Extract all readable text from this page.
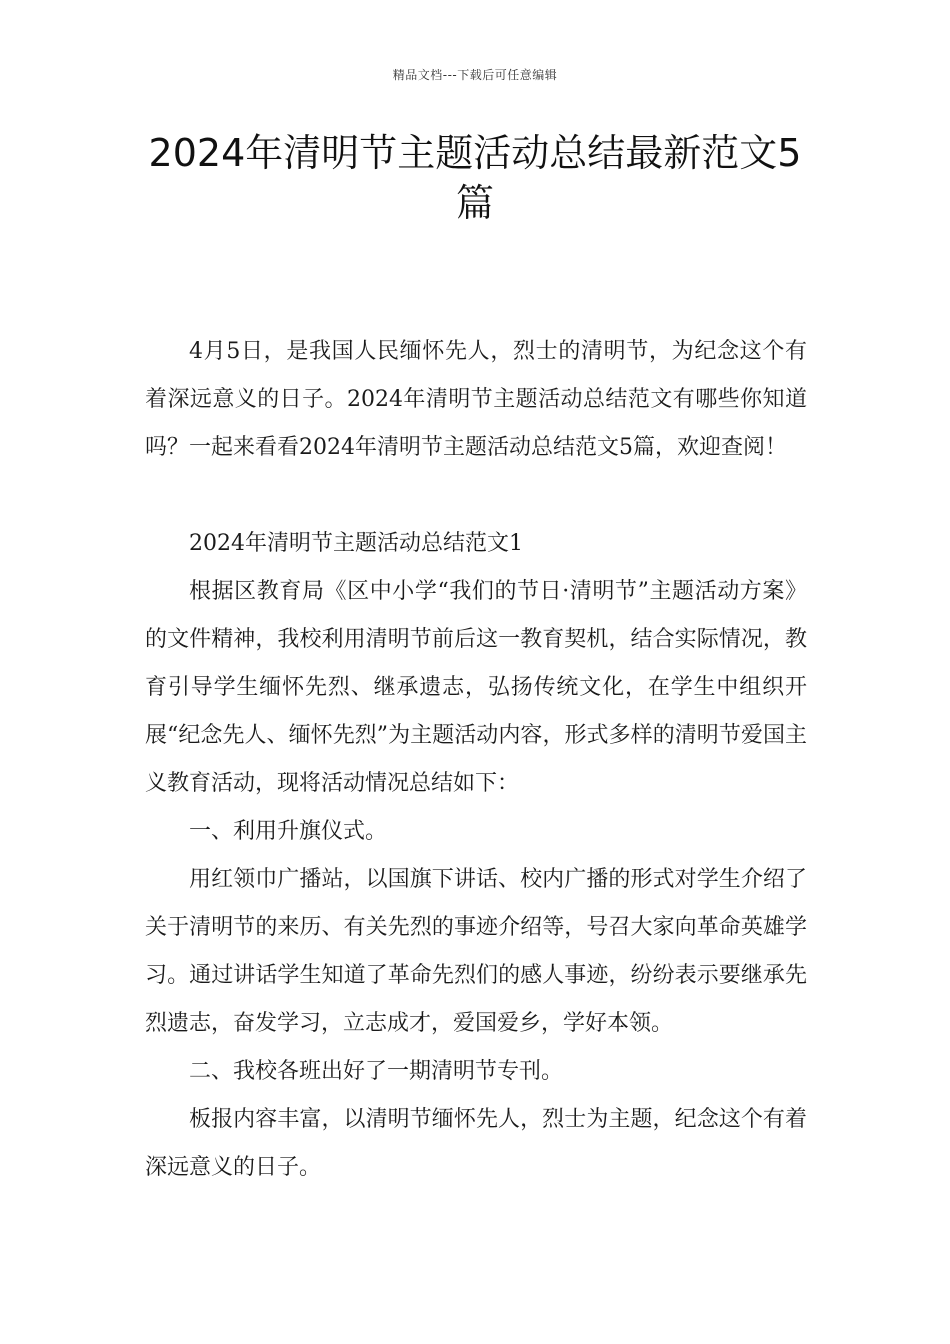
精品文档---下载后可任意编辑
2024年清明节主题活动总结最新范文5篇

4月5日，是我国人民缅怀先人，烈士的清明节，为纪念这个有着深远意义的日子。2024年清明节主题活动总结范文有哪些你知道吗？一起来看看2024年清明节主题活动总结范文5篇，欢迎查阅！

2024年清明节主题活动总结范文1

根据区教育局《区中小学“我们的节日·清明节”主题活动方案》的文件精神，我校利用清明节前后这一教育契机，结合实际情况，教育引导学生缅怀先烈、继承遗志，弘扬传统文化，在学生中组织开展“纪念先人、缅怀先烈”为主题活动内容，形式多样的清明节爱国主义教育活动，现将活动情况总结如下：

一、利用升旗仪式。

用红领巾广播站，以国旗下讲话、校内广播的形式对学生介绍了关于清明节的来历、有关先烈的事迹介绍等，号召大家向革命英雄学习。通过讲话学生知道了革命先烈们的感人事迹，纷纷表示要继承先烈遗志，奋发学习，立志成才，爱国爱乡，学好本领。

二、我校各班出好了一期清明节专刊。

板报内容丰富，以清明节缅怀先人，烈士为主题，纪念这个有着深远意义的日子。
